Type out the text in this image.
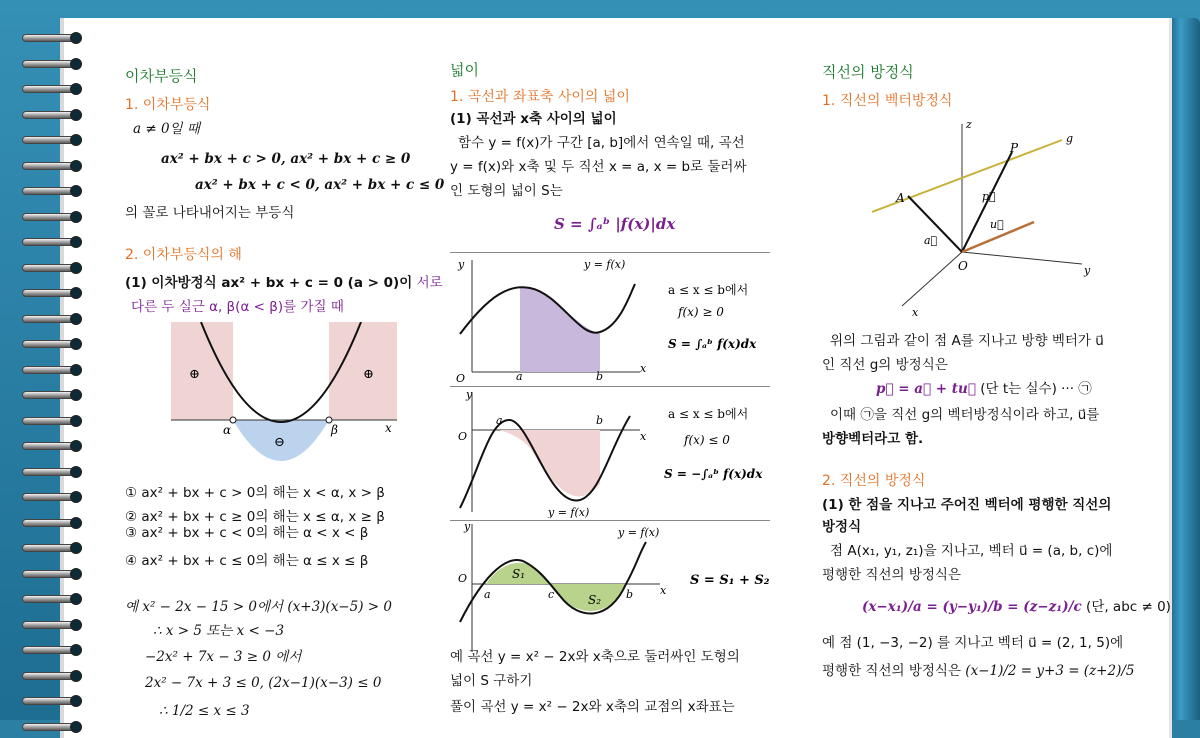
이차부등식
1. 이차부등식
a ≠ 0일 때
ax² + bx + c > 0, ax² + bx + c ≥ 0
ax² + bx + c < 0, ax² + bx + c ≤ 0
의 꼴로 나타내어지는 부등식
2. 이차부등식의 해
(1) 이차방정식 ax² + bx + c = 0 (a > 0)이 서로
다른 두 실근 α, β(α < β)를 가질 때
⊕	⊕
⊖
α	β	x
① ax² + bx + c > 0의 해는 x < α, x > β
② ax² + bx + c ≥ 0의 해는 x ≤ α, x ≥ β
③ ax² + bx + c < 0의 해는 α < x < β
④ ax² + bx + c ≤ 0의 해는 α ≤ x ≤ β
예 x² − 2x − 15 > 0에서 (x+3)(x−5) > 0
∴ x > 5 또는 x < −3
−2x² + 7x − 3 ≥ 0 에서
2x² − 7x + 3 ≤ 0, (2x−1)(x−3) ≤ 0
∴ 1/2 ≤ x ≤ 3
넓이
1. 곡선과 좌표축 사이의 넓이
(1) 곡선과 x축 사이의 넓이
함수 y = f(x)가 구간 [a, b]에서 연속일 때, 곡선
y = f(x)와 x축 및 두 직선 x = a, x = b로 둘러싸
인 도형의 넓이 S는
S = ∫ₐᵇ |f(x)|dx
y = f(x)
y
O	a	b
x
a ≤ x ≤ b에서
f(x) ≥ 0
S = ∫ₐᵇ f(x)dx
y = f(x)
y
O
a	b
x
a ≤ x ≤ b에서
f(x) ≤ 0
S = −∫ₐᵇ f(x)dx
y = f(x)
y
O
a	c	b x
S₁
S₂
S = S₁ + S₂
예 곡선 y = x² − 2x와 x축으로 둘러싸인 도형의
넓이 S 구하기
풀이 곡선 y = x² − 2x와 x축의 교점의 x좌표는
직선의 방정식
1. 직선의 벡터방정식
z
y
x
O
g
A
P
a⃗
p⃗
u⃗
위의 그림과 같이 점 A를 지나고 방향 벡터가 u⃗
인 직선 g의 방정식은
p⃗ = a⃗ + tu⃗ (단 t는 실수) ··· ㉠
이때 ㉠을 직선 g의 벡터방정식이라 하고, u⃗를
방향벡터라고 함.
2. 직선의 방정식
(1) 한 점을 지나고 주어진 벡터에 평행한 직선의
방정식
점 A(x₁, y₁, z₁)을 지나고, 벡터 u⃗ = (a, b, c)에
평행한 직선의 방정식은
(x−x₁)/a = (y−y₁)/b = (z−z₁)/c (단, abc ≠ 0)
예 점 (1, −3, −2) 를 지나고 벡터 u⃗ = (2, 1, 5)에
평행한 직선의 방정식은 (x−1)/2 = y+3 = (z+2)/5
